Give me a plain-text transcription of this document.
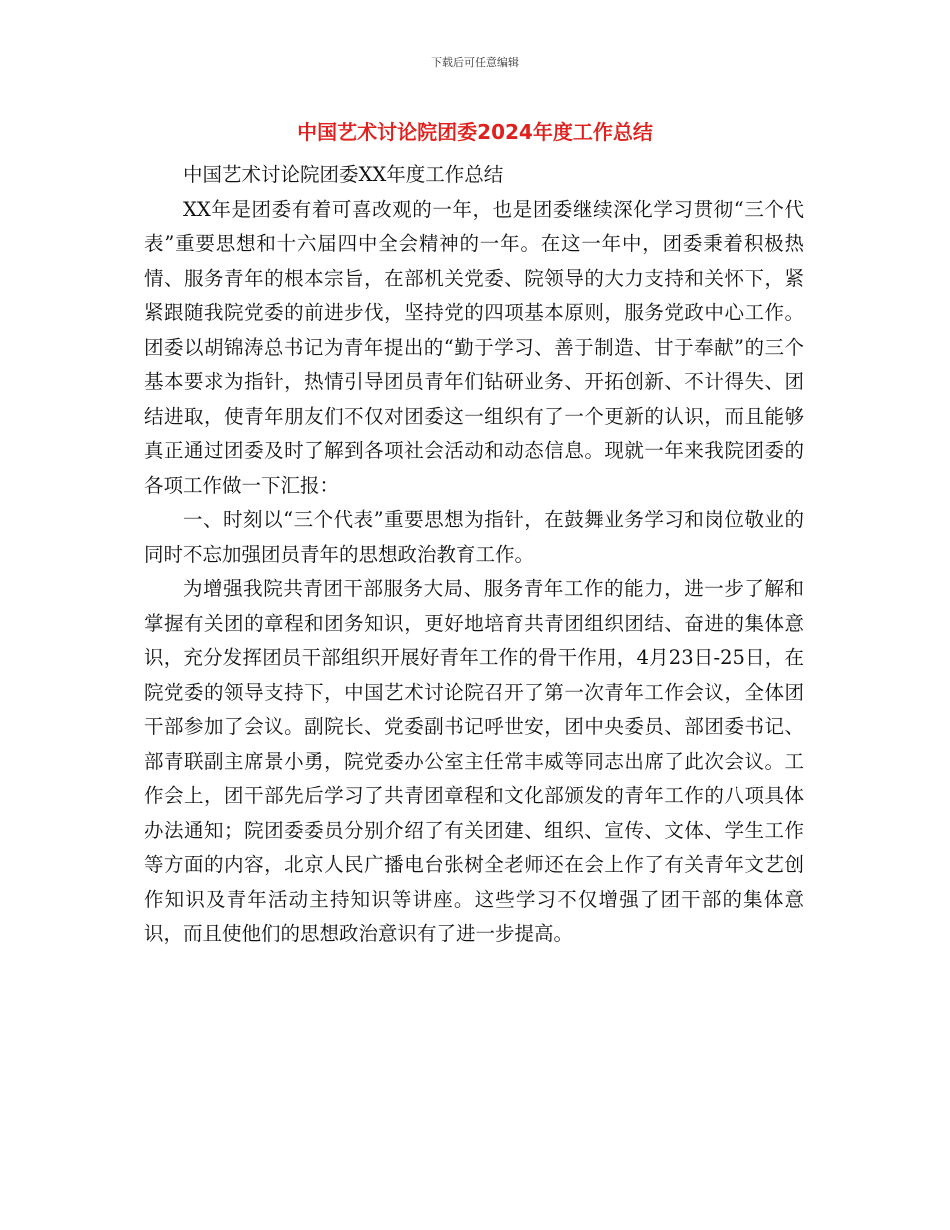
下载后可任意编辑
中国艺术讨论院团委2024年度工作总结

中国艺术讨论院团委XX年度工作总结

XX年是团委有着可喜改观的一年，也是团委继续深化学习贯彻“三个代表”重要思想和十六届四中全会精神的一年。在这一年中，团委秉着积极热情、服务青年的根本宗旨，在部机关党委、院领导的大力支持和关怀下，紧紧跟随我院党委的前进步伐，坚持党的四项基本原则，服务党政中心工作。团委以胡锦涛总书记为青年提出的“勤于学习、善于制造、甘于奉献”的三个基本要求为指针，热情引导团员青年们钻研业务、开拓创新、不计得失、团结进取，使青年朋友们不仅对团委这一组织有了一个更新的认识，而且能够真正通过团委及时了解到各项社会活动和动态信息。现就一年来我院团委的各项工作做一下汇报：

一、时刻以“三个代表”重要思想为指针，在鼓舞业务学习和岗位敬业的同时不忘加强团员青年的思想政治教育工作。

为增强我院共青团干部服务大局、服务青年工作的能力，进一步了解和掌握有关团的章程和团务知识，更好地培育共青团组织团结、奋进的集体意识，充分发挥团员干部组织开展好青年工作的骨干作用，4月23日-25日，在院党委的领导支持下，中国艺术讨论院召开了第一次青年工作会议，全体团干部参加了会议。副院长、党委副书记呼世安，团中央委员、部团委书记、部青联副主席景小勇，院党委办公室主任常丰威等同志出席了此次会议。工作会上，团干部先后学习了共青团章程和文化部颁发的青年工作的八项具体办法通知；院团委委员分别介绍了有关团建、组织、宣传、文体、学生工作等方面的内容，北京人民广播电台张树全老师还在会上作了有关青年文艺创作知识及青年活动主持知识等讲座。这些学习不仅增强了团干部的集体意识，而且使他们的思想政治意识有了进一步提高。
